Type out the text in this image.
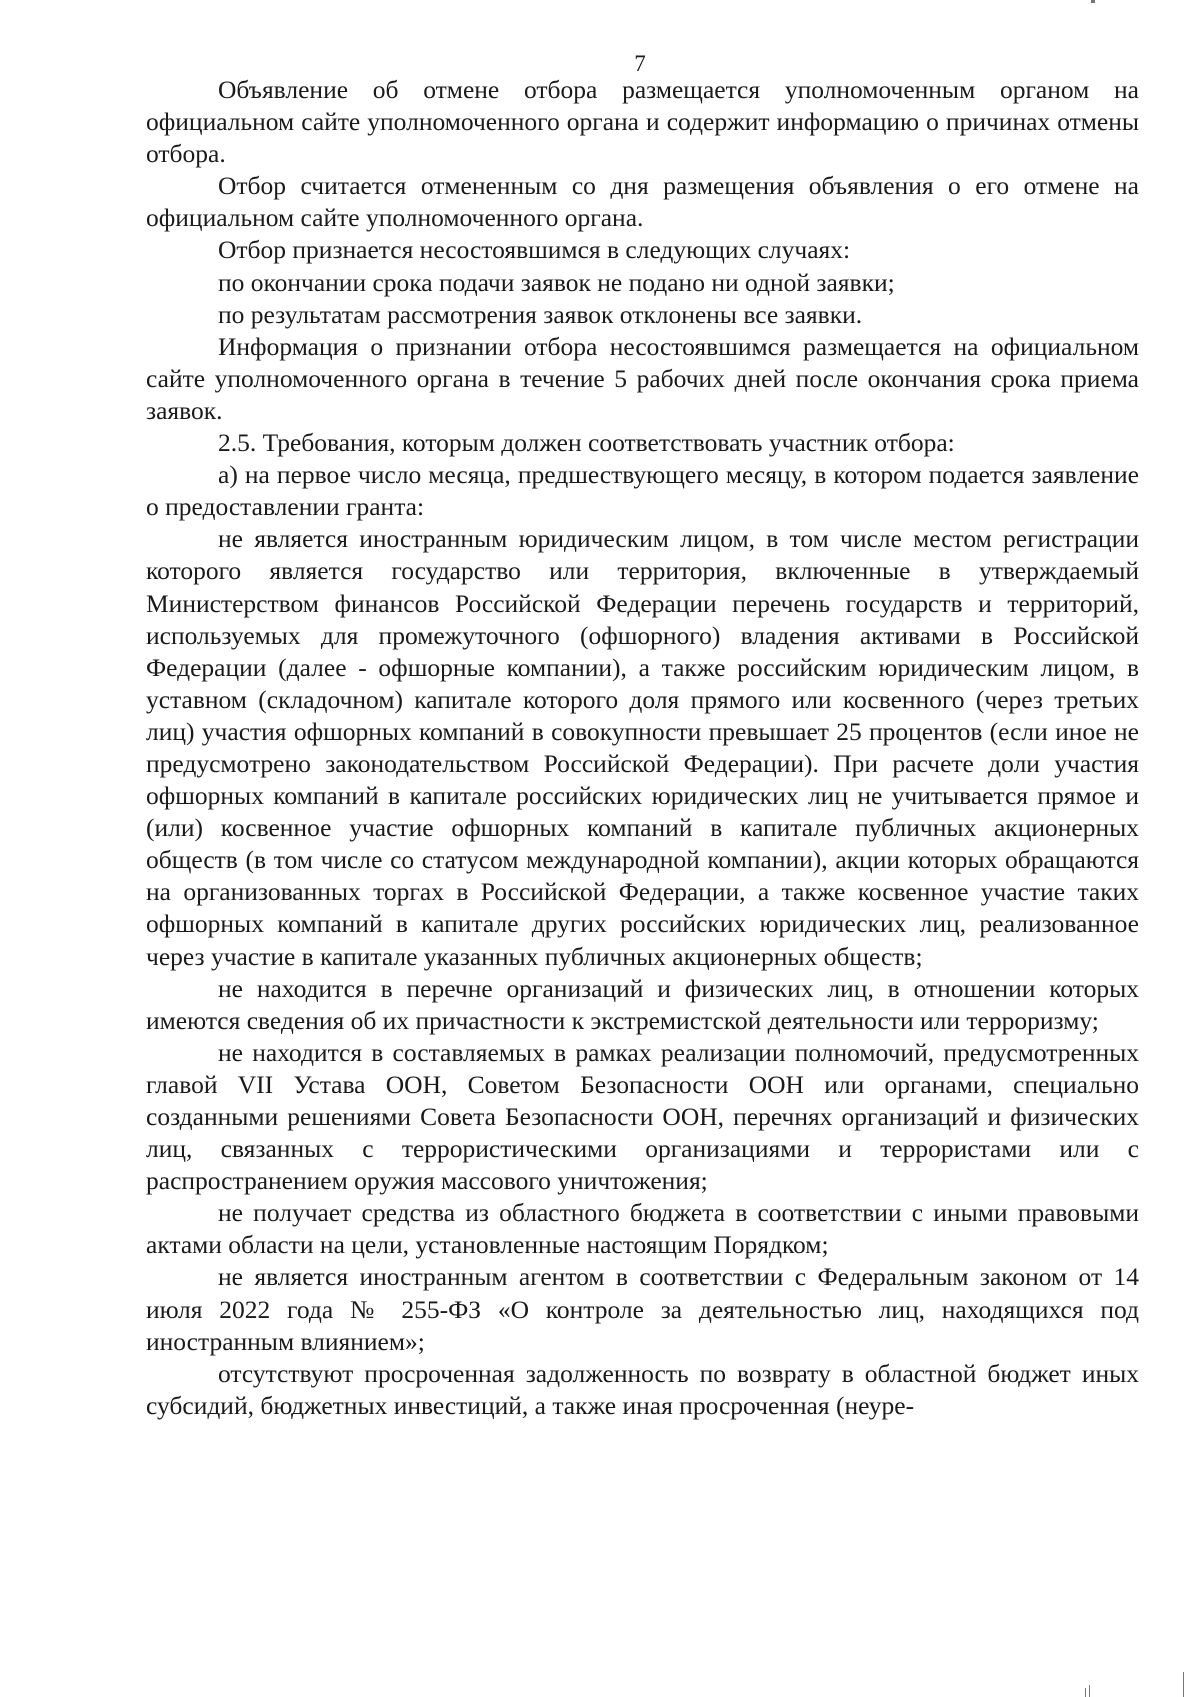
7

Объявление об отмене отбора размещается уполномоченным органом на официальном сайте уполномоченного органа и содержит информацию о причинах отмены отбора.

Отбор считается отмененным со дня размещения объявления о его отмене на официальном сайте уполномоченного органа.

Отбор признается несостоявшимся в следующих случаях:

по окончании срока подачи заявок не подано ни одной заявки;

по результатам рассмотрения заявок отклонены все заявки.

Информация о признании отбора несостоявшимся размещается на официальном сайте уполномоченного органа в течение 5 рабочих дней после окончания срока приема заявок.

2.5. Требования, которым должен соответствовать участник отбора:

а) на первое число месяца, предшествующего месяцу, в котором подается заявление о предоставлении гранта:

не является иностранным юридическим лицом, в том числе местом регистрации которого является государство или территория, включенные в утверждаемый Министерством финансов Российской Федерации перечень государств и территорий, используемых для промежуточного (офшорного) владения активами в Российской Федерации (далее - офшорные компании), а также российским юридическим лицом, в уставном (складочном) капитале которого доля прямого или косвенного (через третьих лиц) участия офшорных компаний в совокупности превышает 25 процентов (если иное не предусмотрено законодательством Российской Федерации). При расчете доли участия офшорных компаний в капитале российских юридических лиц не учитывается прямое и (или) косвенное участие офшорных компаний в капитале публичных акционерных обществ (в том числе со статусом международной компании), акции которых обращаются на организованных торгах в Российской Федерации, а также косвенное участие таких офшорных компаний в капитале других российских юридических лиц, реализованное через участие в капитале указанных публичных акционерных обществ;

не находится в перечне организаций и физических лиц, в отношении которых имеются сведения об их причастности к экстремистской деятельности или терроризму;

не находится в составляемых в рамках реализации полномочий, предусмотренных главой VII Устава ООН, Советом Безопасности ООН или органами, специально созданными решениями Совета Безопасности ООН, перечнях организаций и физических лиц, связанных с террористическими организациями и террористами или с распространением оружия массового уничтожения;

не получает средства из областного бюджета в соответствии с иными правовыми актами области на цели, установленные настоящим Порядком;

не является иностранным агентом в соответствии с Федеральным законом от 14 июля 2022 года № 255-ФЗ «О контроле за деятельностью лиц, находящихся под иностранным влиянием»;

отсутствуют просроченная задолженность по возврату в областной бюджет иных субсидий, бюджетных инвестиций, а также иная просроченная (неуре-
